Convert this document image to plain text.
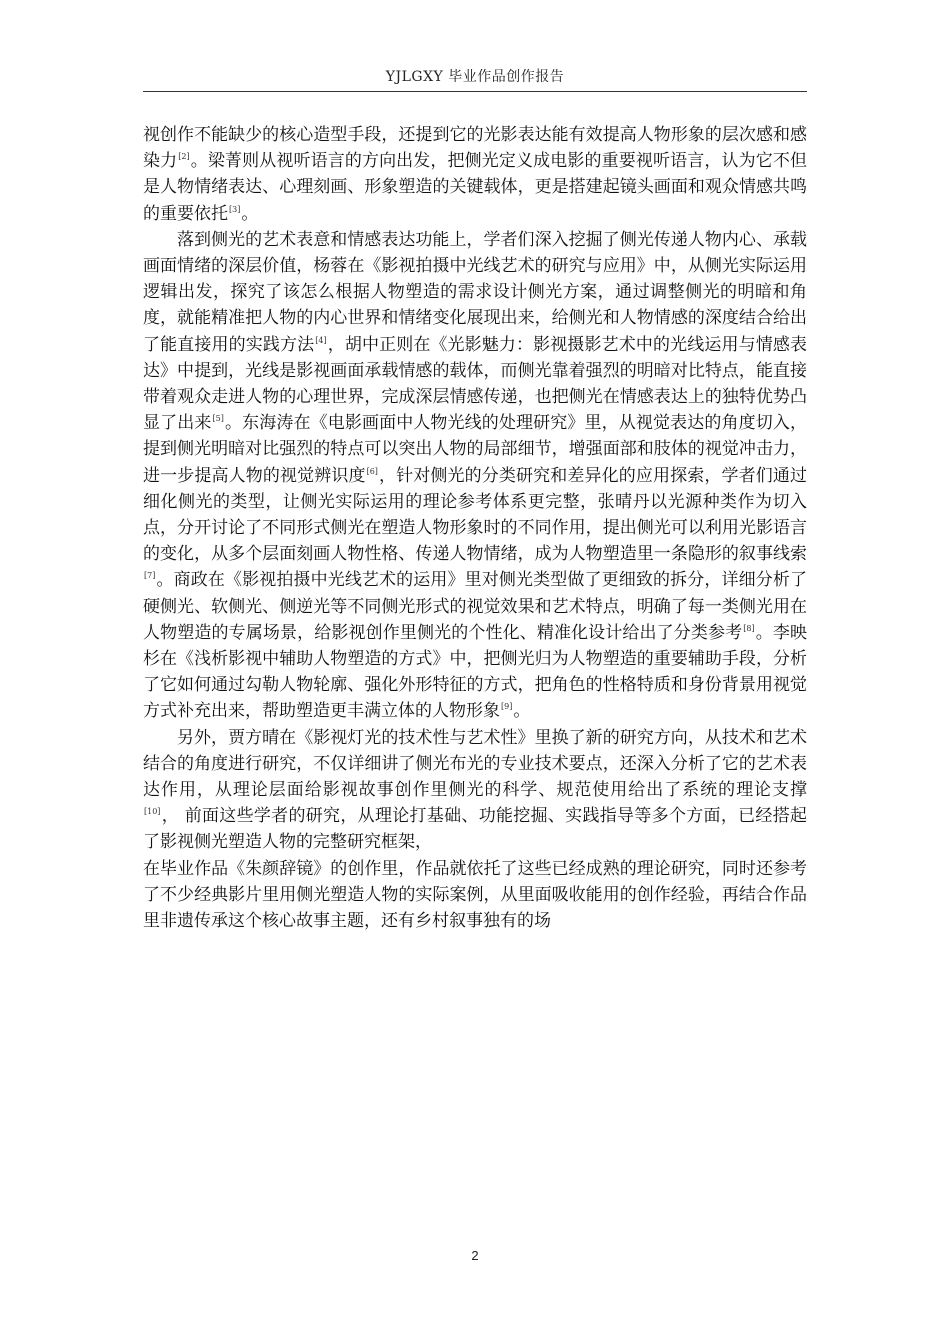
YJLGXY 毕业作品创作报告

视创作不能缺少的核心造型手段，还提到它的光影表达能有效提高人物形象的层次感和感染力[2]。梁菁则从视听语言的方向出发，把侧光定义成电影的重要视听语言，认为它不但是人物情绪表达、心理刻画、形象塑造的关键载体，更是搭建起镜头画面和观众情感共鸣的重要依托[3]。

落到侧光的艺术表意和情感表达功能上，学者们深入挖掘了侧光传递人物内心、承载画面情绪的深层价值，杨蓉在《影视拍摄中光线艺术的研究与应用》中，从侧光实际运用逻辑出发，探究了该怎么根据人物塑造的需求设计侧光方案，通过调整侧光的明暗和角度，就能精准把人物的内心世界和情绪变化展现出来，给侧光和人物情感的深度结合给出了能直接用的实践方法[4]，胡中正则在《光影魅力：影视摄影艺术中的光线运用与情感表达》中提到，光线是影视画面承载情感的载体，而侧光靠着强烈的明暗对比特点，能直接带着观众走进人物的心理世界，完成深层情感传递，也把侧光在情感表达上的独特优势凸显了出来[5]。东海涛在《电影画面中人物光线的处理研究》里，从视觉表达的角度切入，提到侧光明暗对比强烈的特点可以突出人物的局部细节，增强面部和肢体的视觉冲击力，进一步提高人物的视觉辨识度[6]，针对侧光的分类研究和差异化的应用探索，学者们通过细化侧光的类型，让侧光实际运用的理论参考体系更完整，张晴丹以光源种类作为切入点，分开讨论了不同形式侧光在塑造人物形象时的不同作用，提出侧光可以利用光影语言的变化，从多个层面刻画人物性格、传递人物情绪，成为人物塑造里一条隐形的叙事线索[7]。商政在《影视拍摄中光线艺术的运用》里对侧光类型做了更细致的拆分，详细分析了硬侧光、软侧光、侧逆光等不同侧光形式的视觉效果和艺术特点，明确了每一类侧光用在人物塑造的专属场景，给影视创作里侧光的个性化、精准化设计给出了分类参考[8]。李映杉在《浅析影视中辅助人物塑造的方式》中，把侧光归为人物塑造的重要辅助手段，分析了它如何通过勾勒人物轮廓、强化外形特征的方式，把角色的性格特质和身份背景用视觉方式补充出来，帮助塑造更丰满立体的人物形象[9]。

另外，贾方晴在《影视灯光的技术性与艺术性》里换了新的研究方向，从技术和艺术结合的角度进行研究，不仅详细讲了侧光布光的专业技术要点，还深入分析了它的艺术表达作用，从理论层面给影视故事创作里侧光的科学、规范使用给出了系统的理论支撑[10]， 前面这些学者的研究，从理论打基础、功能挖掘、实践指导等多个方面，已经搭起了影视侧光塑造人物的完整研究框架，

在毕业作品《朱颜辞镜》的创作里，作品就依托了这些已经成熟的理论研究，同时还参考了不少经典影片里用侧光塑造人物的实际案例，从里面吸收能用的创作经验，再结合作品里非遗传承这个核心故事主题，还有乡村叙事独有的场

2
